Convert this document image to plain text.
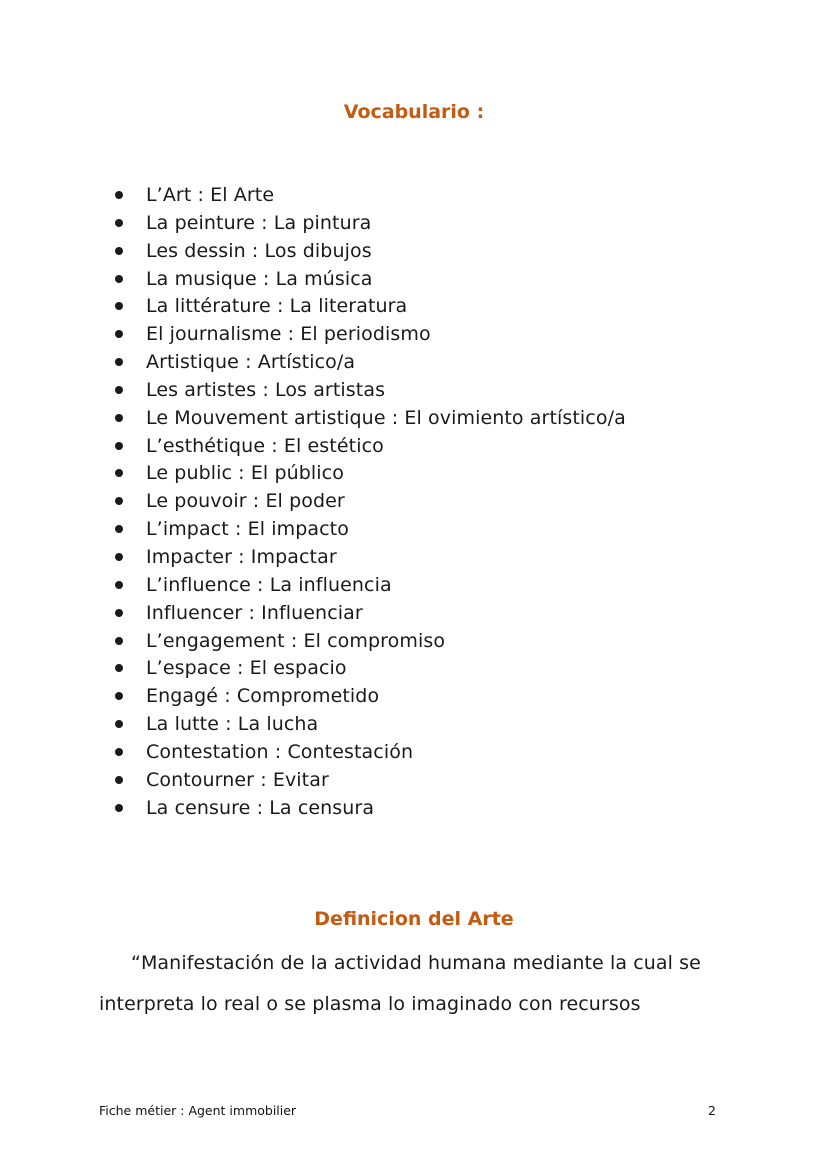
Vocabulario :
L’Art : El Arte
La peinture : La pintura
Les dessin : Los dibujos
La musique : La música
La littérature : La literatura
El journalisme : El periodismo
Artistique : Artístico/a
Les artistes : Los artistas
Le Mouvement artistique : El ovimiento artístico/a
L’esthétique : El estético
Le public : El público
Le pouvoir : El poder
L’impact : El impacto
Impacter : Impactar
L’influence : La influencia
Influencer : Influenciar
L’engagement : El compromiso
L’espace : El espacio
Engagé : Comprometido
La lutte : La lucha
Contestation : Contestación
Contourner : Evitar
La censure : La censura
Definicion del Arte

“Manifestación de la actividad humana mediante la cual se

interpreta lo real o se plasma lo imaginado con recursos

Fiche métier : Agent immobilier	2
